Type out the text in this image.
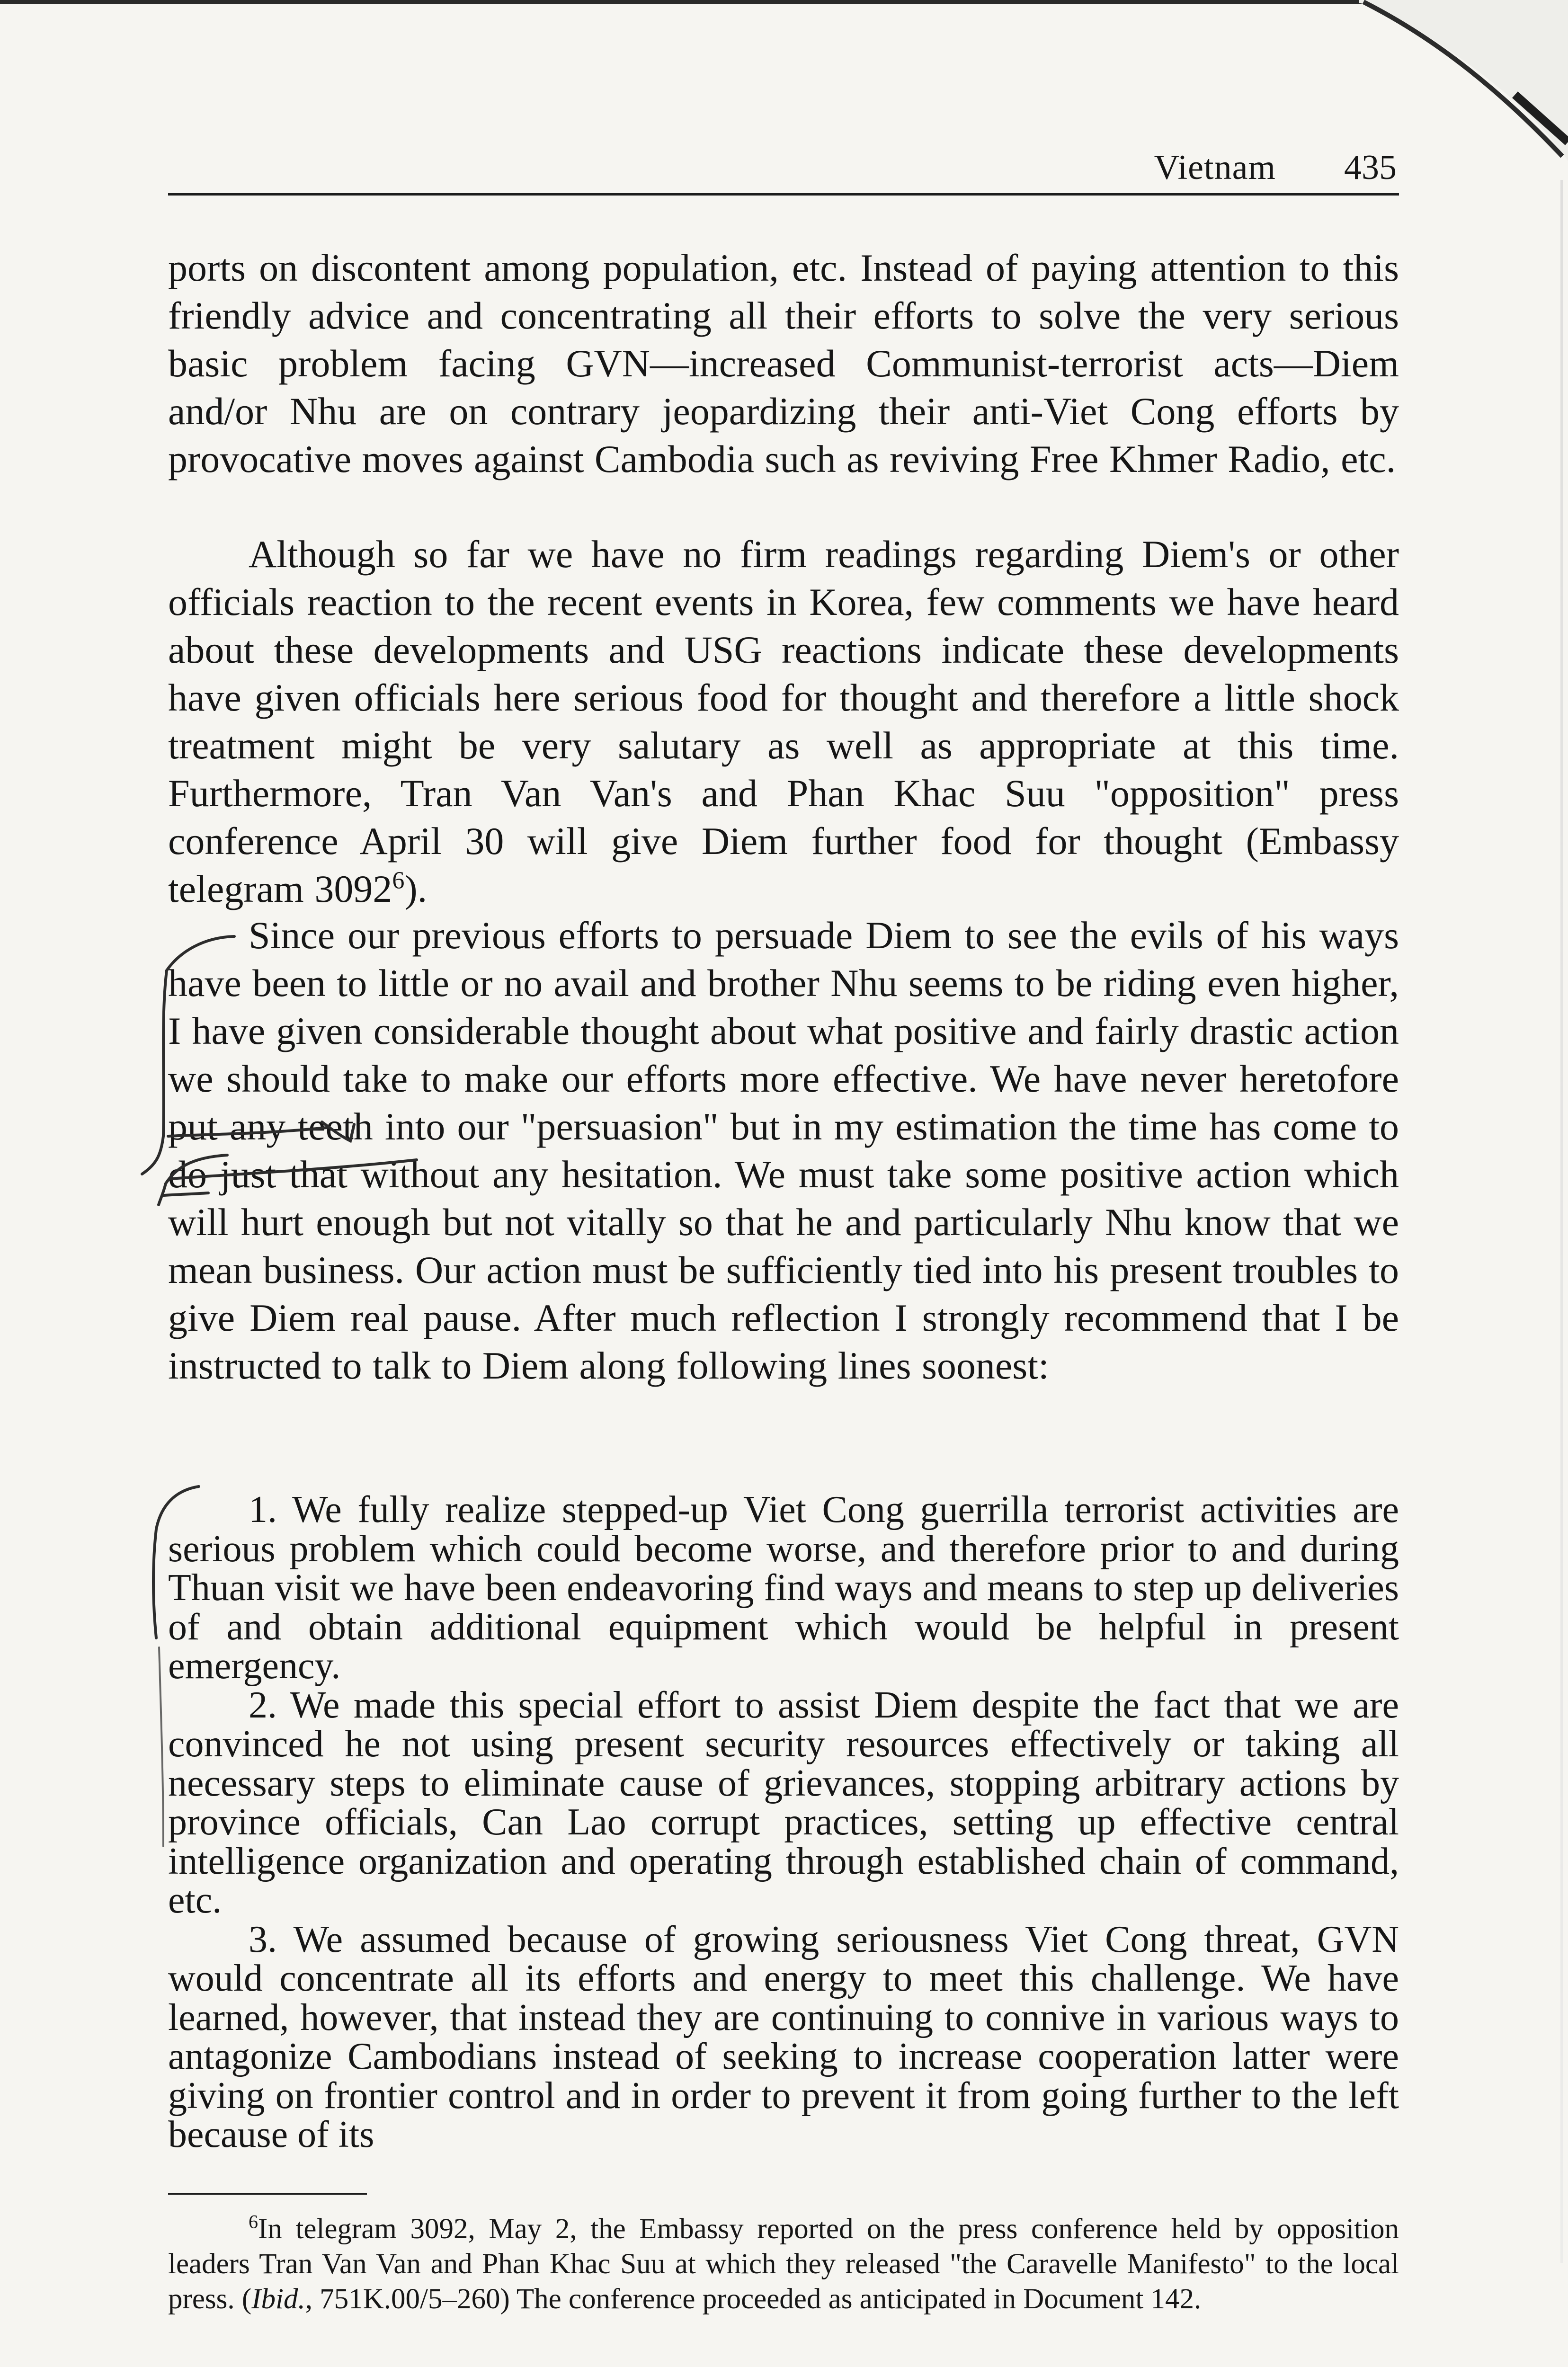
Vietnam 435

ports on discontent among population, etc. Instead of paying attention to this friendly advice and concentrating all their efforts to solve the very serious basic problem facing GVN—increased Communist-terrorist acts—Diem and/or Nhu are on contrary jeopardizing their anti-Viet Cong efforts by provocative moves against Cambodia such as reviving Free Khmer Radio, etc.

Although so far we have no firm readings regarding Diem's or other officials reaction to the recent events in Korea, few comments we have heard about these developments and USG reactions indicate these developments have given officials here serious food for thought and therefore a little shock treatment might be very salutary as well as appropriate at this time. Furthermore, Tran Van Van's and Phan Khac Suu "opposition" press conference April 30 will give Diem further food for thought (Embassy telegram 3092$^6$).

Since our previous efforts to persuade Diem to see the evils of his ways have been to little or no avail and brother Nhu seems to be riding even higher, I have given considerable thought about what positive and fairly drastic action we should take to make our efforts more effective. We have never heretofore put any teeth into our "persuasion" but in my estimation the time has come to do just that without any hesitation. We must take some positive action which will hurt enough but not vitally so that he and particularly Nhu know that we mean business. Our action must be sufficiently tied into his present troubles to give Diem real pause. After much reflection I strongly recommend that I be instructed to talk to Diem along following lines soonest:

1. We fully realize stepped-up Viet Cong guerrilla terrorist activities are serious problem which could become worse, and therefore prior to and during Thuan visit we have been endeavoring find ways and means to step up deliveries of and obtain additional equipment which would be helpful in present emergency.

2. We made this special effort to assist Diem despite the fact that we are convinced he not using present security resources effectively or taking all necessary steps to eliminate cause of grievances, stopping arbitrary actions by province officials, Can Lao corrupt practices, setting up effective central intelligence organization and operating through established chain of command, etc.

3. We assumed because of growing seriousness Viet Cong threat, GVN would concentrate all its efforts and energy to meet this challenge. We have learned, however, that instead they are continuing to connive in various ways to antagonize Cambodians instead of seeking to increase cooperation latter were giving on frontier control and in order to prevent it from going further to the left because of its

$^6$In telegram 3092, May 2, the Embassy reported on the press conference held by opposition leaders Tran Van Van and Phan Khac Suu at which they released "the Caravelle Manifesto" to the local press. (Ibid., 751K.00/5–260) The conference proceeded as anticipated in Document 142.
